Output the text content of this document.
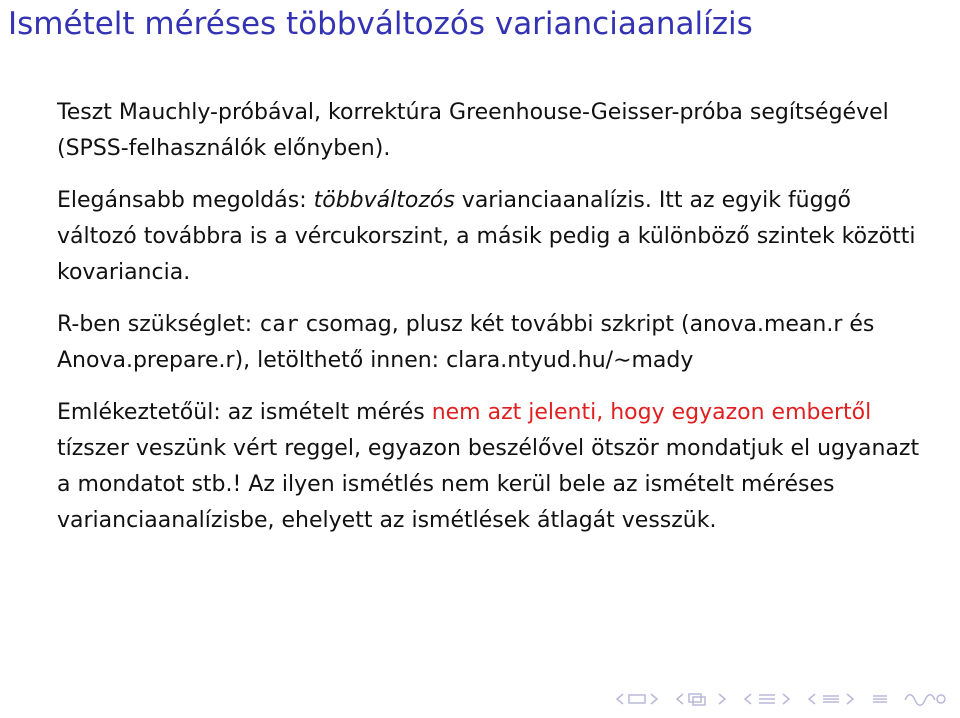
Ismételt méréses többváltozós varianciaanalízis

Teszt Mauchly-próbával, korrektúra Greenhouse-Geisser-próba segítségével (SPSS-felhasználók előnyben).

Elegánsabb megoldás: többváltozós varianciaanalízis. Itt az egyik függő változó továbbra is a vércukorszint, a másik pedig a különböző szintek közötti kovariancia.

R-ben szükséglet: car csomag, plusz két további szkript (anova.mean.r és Anova.prepare.r), letölthető innen: clara.ntyud.hu/∼mady

Emlékeztetőül: az ismételt mérés nem azt jelenti, hogy egyazon embertől tízszer veszünk vért reggel, egyazon beszélővel ötször mondatjuk el ugyanazt a mondatot stb.! Az ilyen ismétlés nem kerül bele az ismételt méréses varianciaanalízisbe, ehelyett az ismétlések átlagát vesszük.
